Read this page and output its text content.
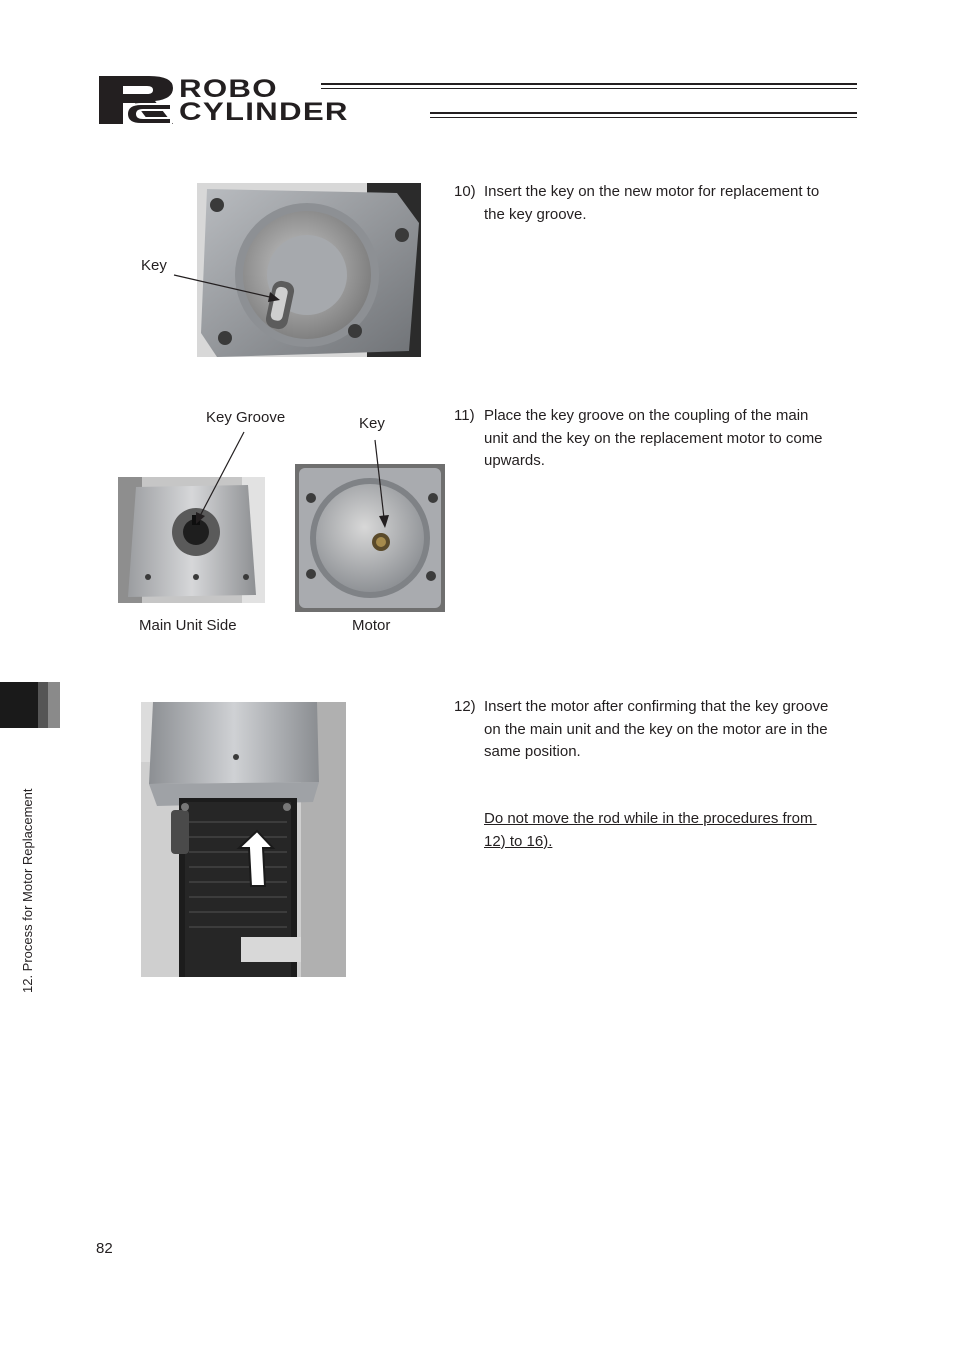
ROBO
CYLINDER
Key
10) Insert the key on the new motor for replacement to
the key groove.
Key Groove	Key
Main Unit Side	Motor
11) Place the key groove on the coupling of the main
unit and the key on the replacement motor to come
upwards.
12) Insert the motor after confirming that the key groove
on the main unit and the key on the motor are in the
same position.
Do not move the rod while in the procedures from
12) to 16).
12. Process for Motor Replacement
82
